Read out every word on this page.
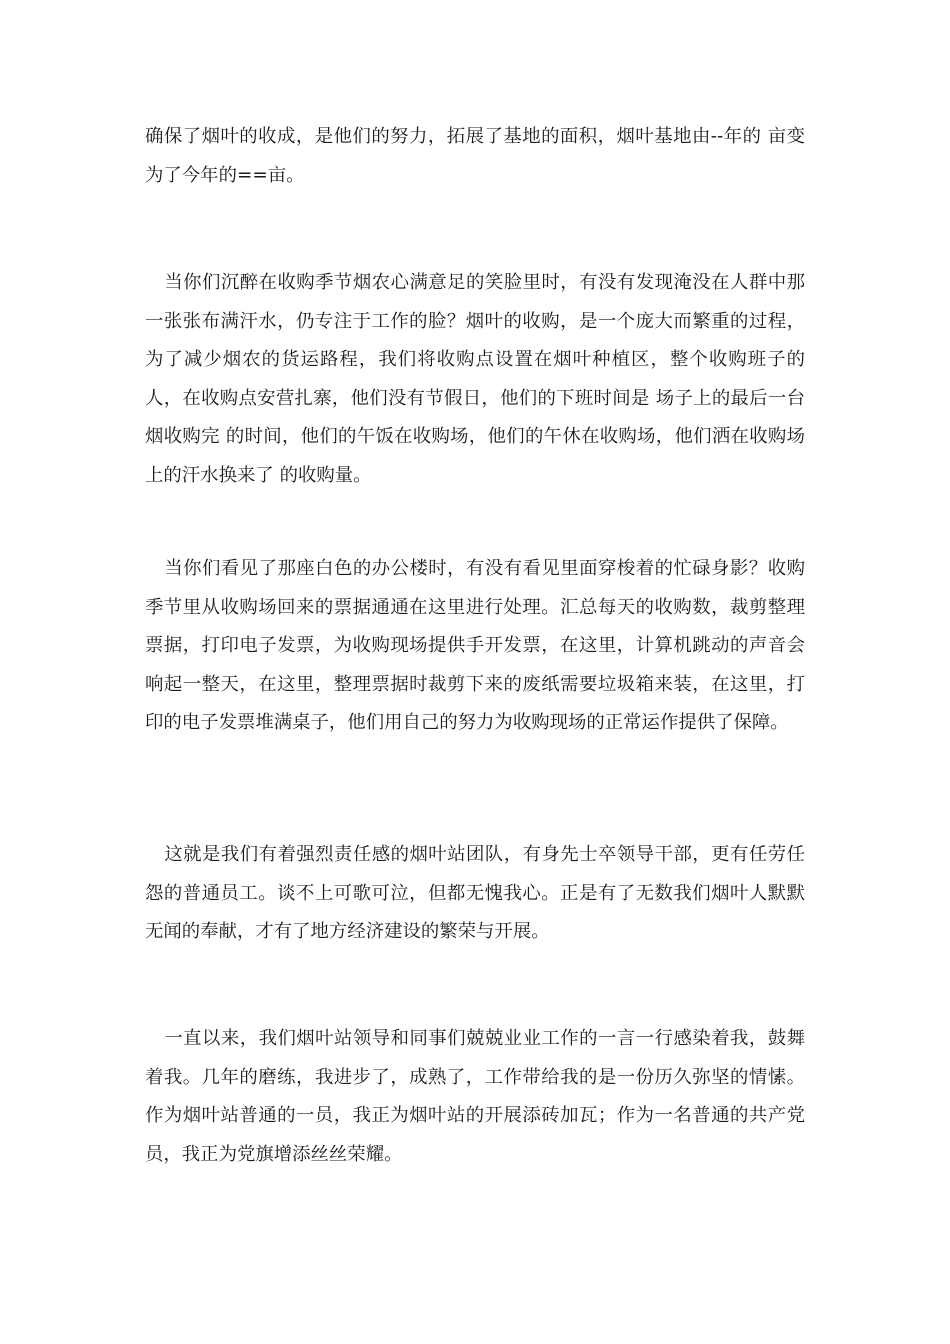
确保了烟叶的收成，是他们的努力，拓展了基地的面积，烟叶基地由--年的 亩变为了今年的==亩。

当你们沉醉在收购季节烟农心满意足的笑脸里时，有没有发现淹没在人群中那一张张布满汗水，仍专注于工作的脸？烟叶的收购，是一个庞大而繁重的过程，为了减少烟农的货运路程，我们将收购点设置在烟叶种植区，整个收购班子的人，在收购点安营扎寨，他们没有节假日，他们的下班时间是 场子上的最后一台烟收购完 的时间，他们的午饭在收购场，他们的午休在收购场，他们洒在收购场上的汗水换来了 的收购量。

当你们看见了那座白色的办公楼时，有没有看见里面穿梭着的忙碌身影？收购季节里从收购场回来的票据通通在这里进行处理。汇总每天的收购数，裁剪整理票据，打印电子发票，为收购现场提供手开发票，在这里，计算机跳动的声音会响起一整天，在这里，整理票据时裁剪下来的废纸需要垃圾箱来装，在这里，打印的电子发票堆满桌子，他们用自己的努力为收购现场的正常运作提供了保障。

这就是我们有着强烈责任感的烟叶站团队，有身先士卒领导干部，更有任劳任怨的普通员工。谈不上可歌可泣，但都无愧我心。正是有了无数我们烟叶人默默无闻的奉献，才有了地方经济建设的繁荣与开展。

一直以来，我们烟叶站领导和同事们兢兢业业工作的一言一行感染着我，鼓舞着我。几年的磨练，我进步了，成熟了，工作带给我的是一份历久弥坚的情愫。作为烟叶站普通的一员，我正为烟叶站的开展添砖加瓦；作为一名普通的共产党员，我正为党旗增添丝丝荣耀。
